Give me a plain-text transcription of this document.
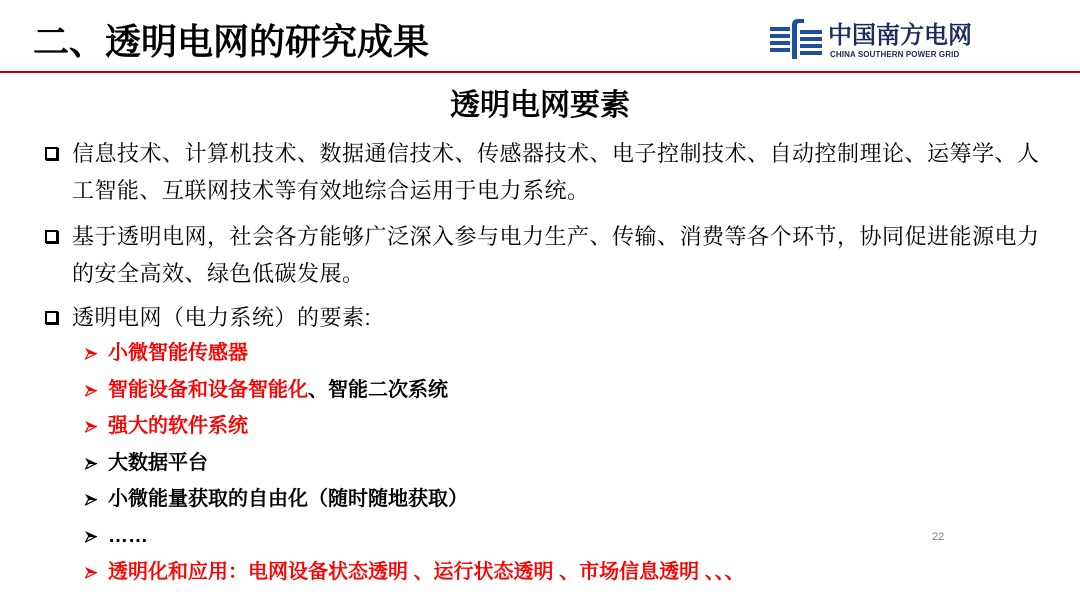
二、透明电网的研究成果	中国南方电网
CHINA SOUTHERN POWER GRID
透明电网要素
信息技术、计算机技术、数据通信技术、传感器技术、电子控制技术、自动控制理论、运筹学、人
工智能、互联网技术等有效地综合运用于电力系统。
基于透明电网，社会各方能够广泛深入参与电力生产、传输、消费等各个环节，协同促进能源电力
的安全高效、绿色低碳发展。
透明电网（电力系统）的要素:
小微智能传感器
智能设备和设备智能化、智能二次系统
强大的软件系统
大数据平台
小微能量获取的自由化（随时随地获取）
……
透明化和应用：电网设备状态透明 、运行状态透明 、市场信息透明 、、、
22
